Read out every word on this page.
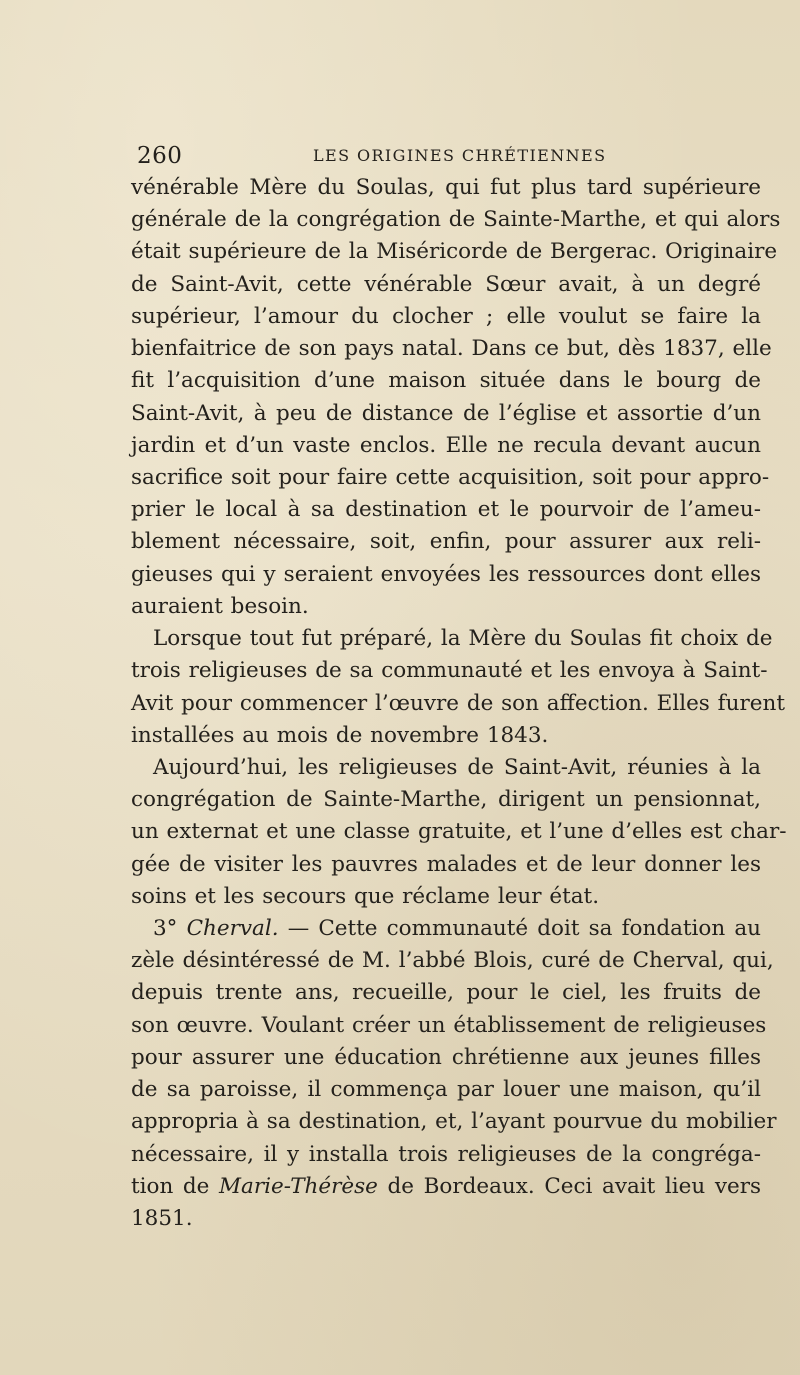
260	LES ORIGINES CHRÉTIENNES
vénérable Mère du Soulas, qui fut plus tard supérieure
générale de la congrégation de Sainte-Marthe, et qui alors
était supérieure de la Miséricorde de Bergerac. Originaire
de Saint-Avit, cette vénérable Sœur avait, à un degré
supérieur, l’amour du clocher ; elle voulut se faire la
bienfaitrice de son pays natal. Dans ce but, dès 1837, elle
fit l’acquisition d’une maison située dans le bourg de
Saint-Avit, à peu de distance de l’église et assortie d’un
jardin et d’un vaste enclos. Elle ne recula devant aucun
sacrifice soit pour faire cette acquisition, soit pour appro-
prier le local à sa destination et le pourvoir de l’ameu-
blement nécessaire, soit, enfin, pour assurer aux reli-
gieuses qui y seraient envoyées les ressources dont elles
auraient besoin.
Lorsque tout fut préparé, la Mère du Soulas fit choix de
trois religieuses de sa communauté et les envoya à Saint-
Avit pour commencer l’œuvre de son affection. Elles furent
installées au mois de novembre 1843.
Aujourd’hui, les religieuses de Saint-Avit, réunies à la
congrégation de Sainte-Marthe, dirigent un pensionnat,
un externat et une classe gratuite, et l’une d’elles est char-
gée de visiter les pauvres malades et de leur donner les
soins et les secours que réclame leur état.
3° Cherval. — Cette communauté doit sa fondation au
zèle désintéressé de M. l’abbé Blois, curé de Cherval, qui,
depuis trente ans, recueille, pour le ciel, les fruits de
son œuvre. Voulant créer un établissement de religieuses
pour assurer une éducation chrétienne aux jeunes filles
de sa paroisse, il commença par louer une maison, qu’il
appropria à sa destination, et, l’ayant pourvue du mobilier
nécessaire, il y installa trois religieuses de la congréga-
tion de Marie-Thérèse de Bordeaux. Ceci avait lieu vers
1851.
